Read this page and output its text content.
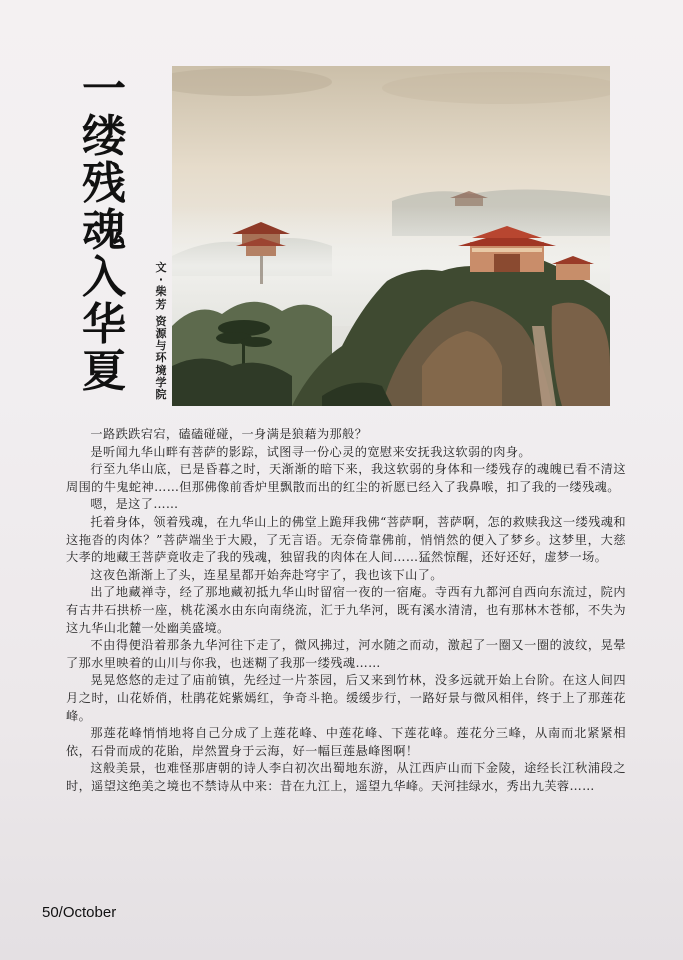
一
缕
残
魂
入
华
夏
文
·
柴
芳
资
源
与
环
境
学
院

一路跌跌宕宕，磕磕碰碰，一身满是狼藉为那般？

是听闻九华山畔有菩萨的影踪，试图寻一份心灵的宽慰来安抚我这软弱的肉身。

行至九华山底，已是昏暮之时，天渐渐的暗下来，我这软弱的身体和一缕残存的魂魄已看不清这周围的牛鬼蛇神……但那佛像前香炉里飘散而出的红尘的祈愿已经入了我鼻喉，扣了我的一缕残魂。

嗯，是这了……

托着身体，领着残魂，在九华山上的佛堂上跪拜我佛“菩萨啊，菩萨啊，怎的救赎我这一缕残魂和这拖沓的肉体？”菩萨端坐于大殿，了无言语。无奈倚靠佛前，悄悄然的便入了梦乡。这梦里，大慈大孝的地藏王菩萨竟收走了我的残魂，独留我的肉体在人间……猛然惊醒，还好还好，虚梦一场。

这夜色渐渐上了头，连星星都开始奔赴穹宇了，我也该下山了。

出了地藏禅寺，经了那地藏初抵九华山时留宿一夜的一宿庵。寺西有九都河自西向东流过，院内有古井石拱桥一座，桃花溪水由东向南绕流，汇于九华河，既有溪水清清，也有那林木苍郁，不失为这九华山北麓一处幽美盛境。

不由得便沿着那条九华河往下走了，微风拂过，河水随之而动，激起了一圈又一圈的波纹，晃晕了那水里映着的山川与你我，也迷糊了我那一缕残魂……

晃晃悠悠的走过了庙前镇，先经过一片茶园，后又来到竹林，没多远就开始上台阶。在这人间四月之时，山花娇俏，杜鹃花姹紫嫣红，争奇斗艳。缓缓步行，一路好景与微风相伴，终于上了那莲花峰。

那莲花峰悄悄地将自己分成了上莲花峰、中莲花峰、下莲花峰。莲花分三峰，从南而北紧紧相依，石骨而成的花貽，岸然置身于云海，好一幅巨莲悬峰图啊！

这般美景，也难怪那唐朝的诗人李白初次出蜀地东游，从江西庐山而下金陵，途经长江秋浦段之时，遥望这绝美之境也不禁诗从中来：昔在九江上，遥望九华峰。天河挂绿水，秀出九芙蓉……

50/October
